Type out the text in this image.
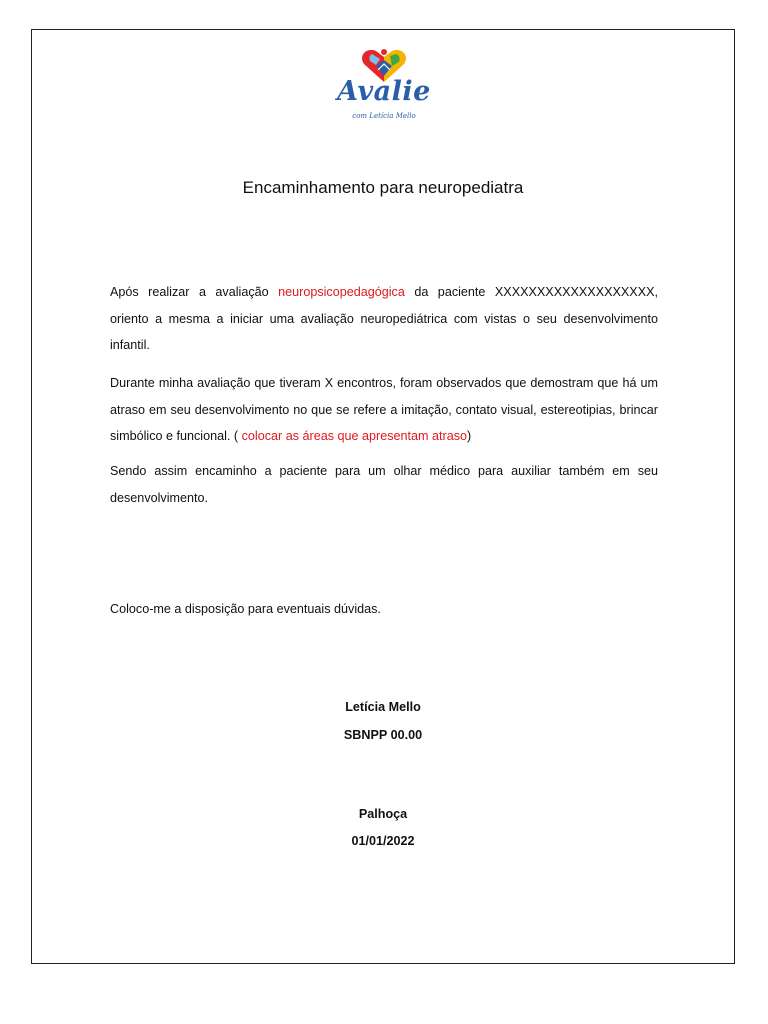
Avalie
com Letícia Mello
Encaminhamento para neuropediatra
Após realizar a avaliação neuropsicopedagógica da paciente XXXXXXXXXXXXXXXXXXX, oriento a mesma a iniciar uma avaliação neuropediátrica com vistas o seu desenvolvimento infantil.
Durante minha avaliação que tiveram X encontros, foram observados que demostram que há um atraso em seu desenvolvimento no que se refere a imitação, contato visual, estereotipias, brincar simbólico e funcional. ( colocar as áreas que apresentam atraso)
Sendo assim encaminho a paciente para um olhar médico para auxiliar também em seu desenvolvimento.
Coloco-me a disposição para eventuais dúvidas.
Letícia Mello
SBNPP 00.00
Palhoça
01/01/2022
